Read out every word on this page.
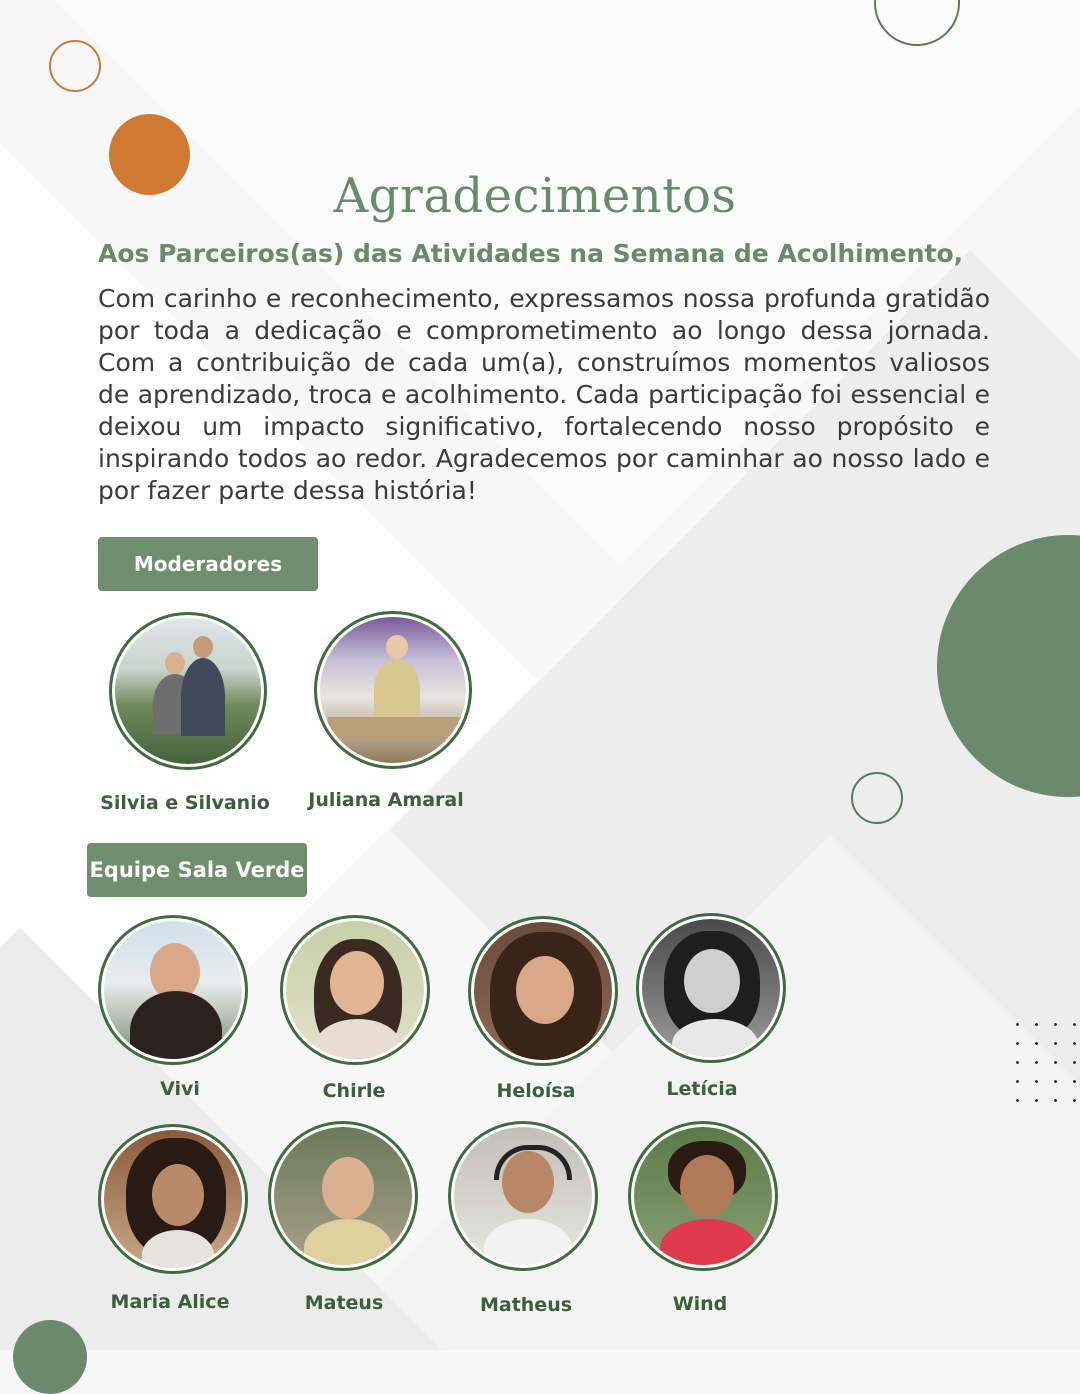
Agradecimentos
Aos Parceiros(as) das Atividades na Semana de Acolhimento,
Com carinho e reconhecimento, expressamos nossa profunda gratidão por toda a dedicação e comprometimento ao longo dessa jornada. Com a contribuição de cada um(a), construímos momentos valiosos de aprendizado, troca e acolhimento. Cada participação foi essencial e deixou um impacto significativo, fortalecendo nosso propósito e inspirando todos ao redor. Agradecemos por caminhar ao nosso lado e por fazer parte dessa história!
Moderadores
Silvia e Silvanio Juliana Amaral
Equipe Sala Verde
Vivi	Chirle	Heloísa	Letícia
Maria Alice	Mateus	Matheus	Wind
